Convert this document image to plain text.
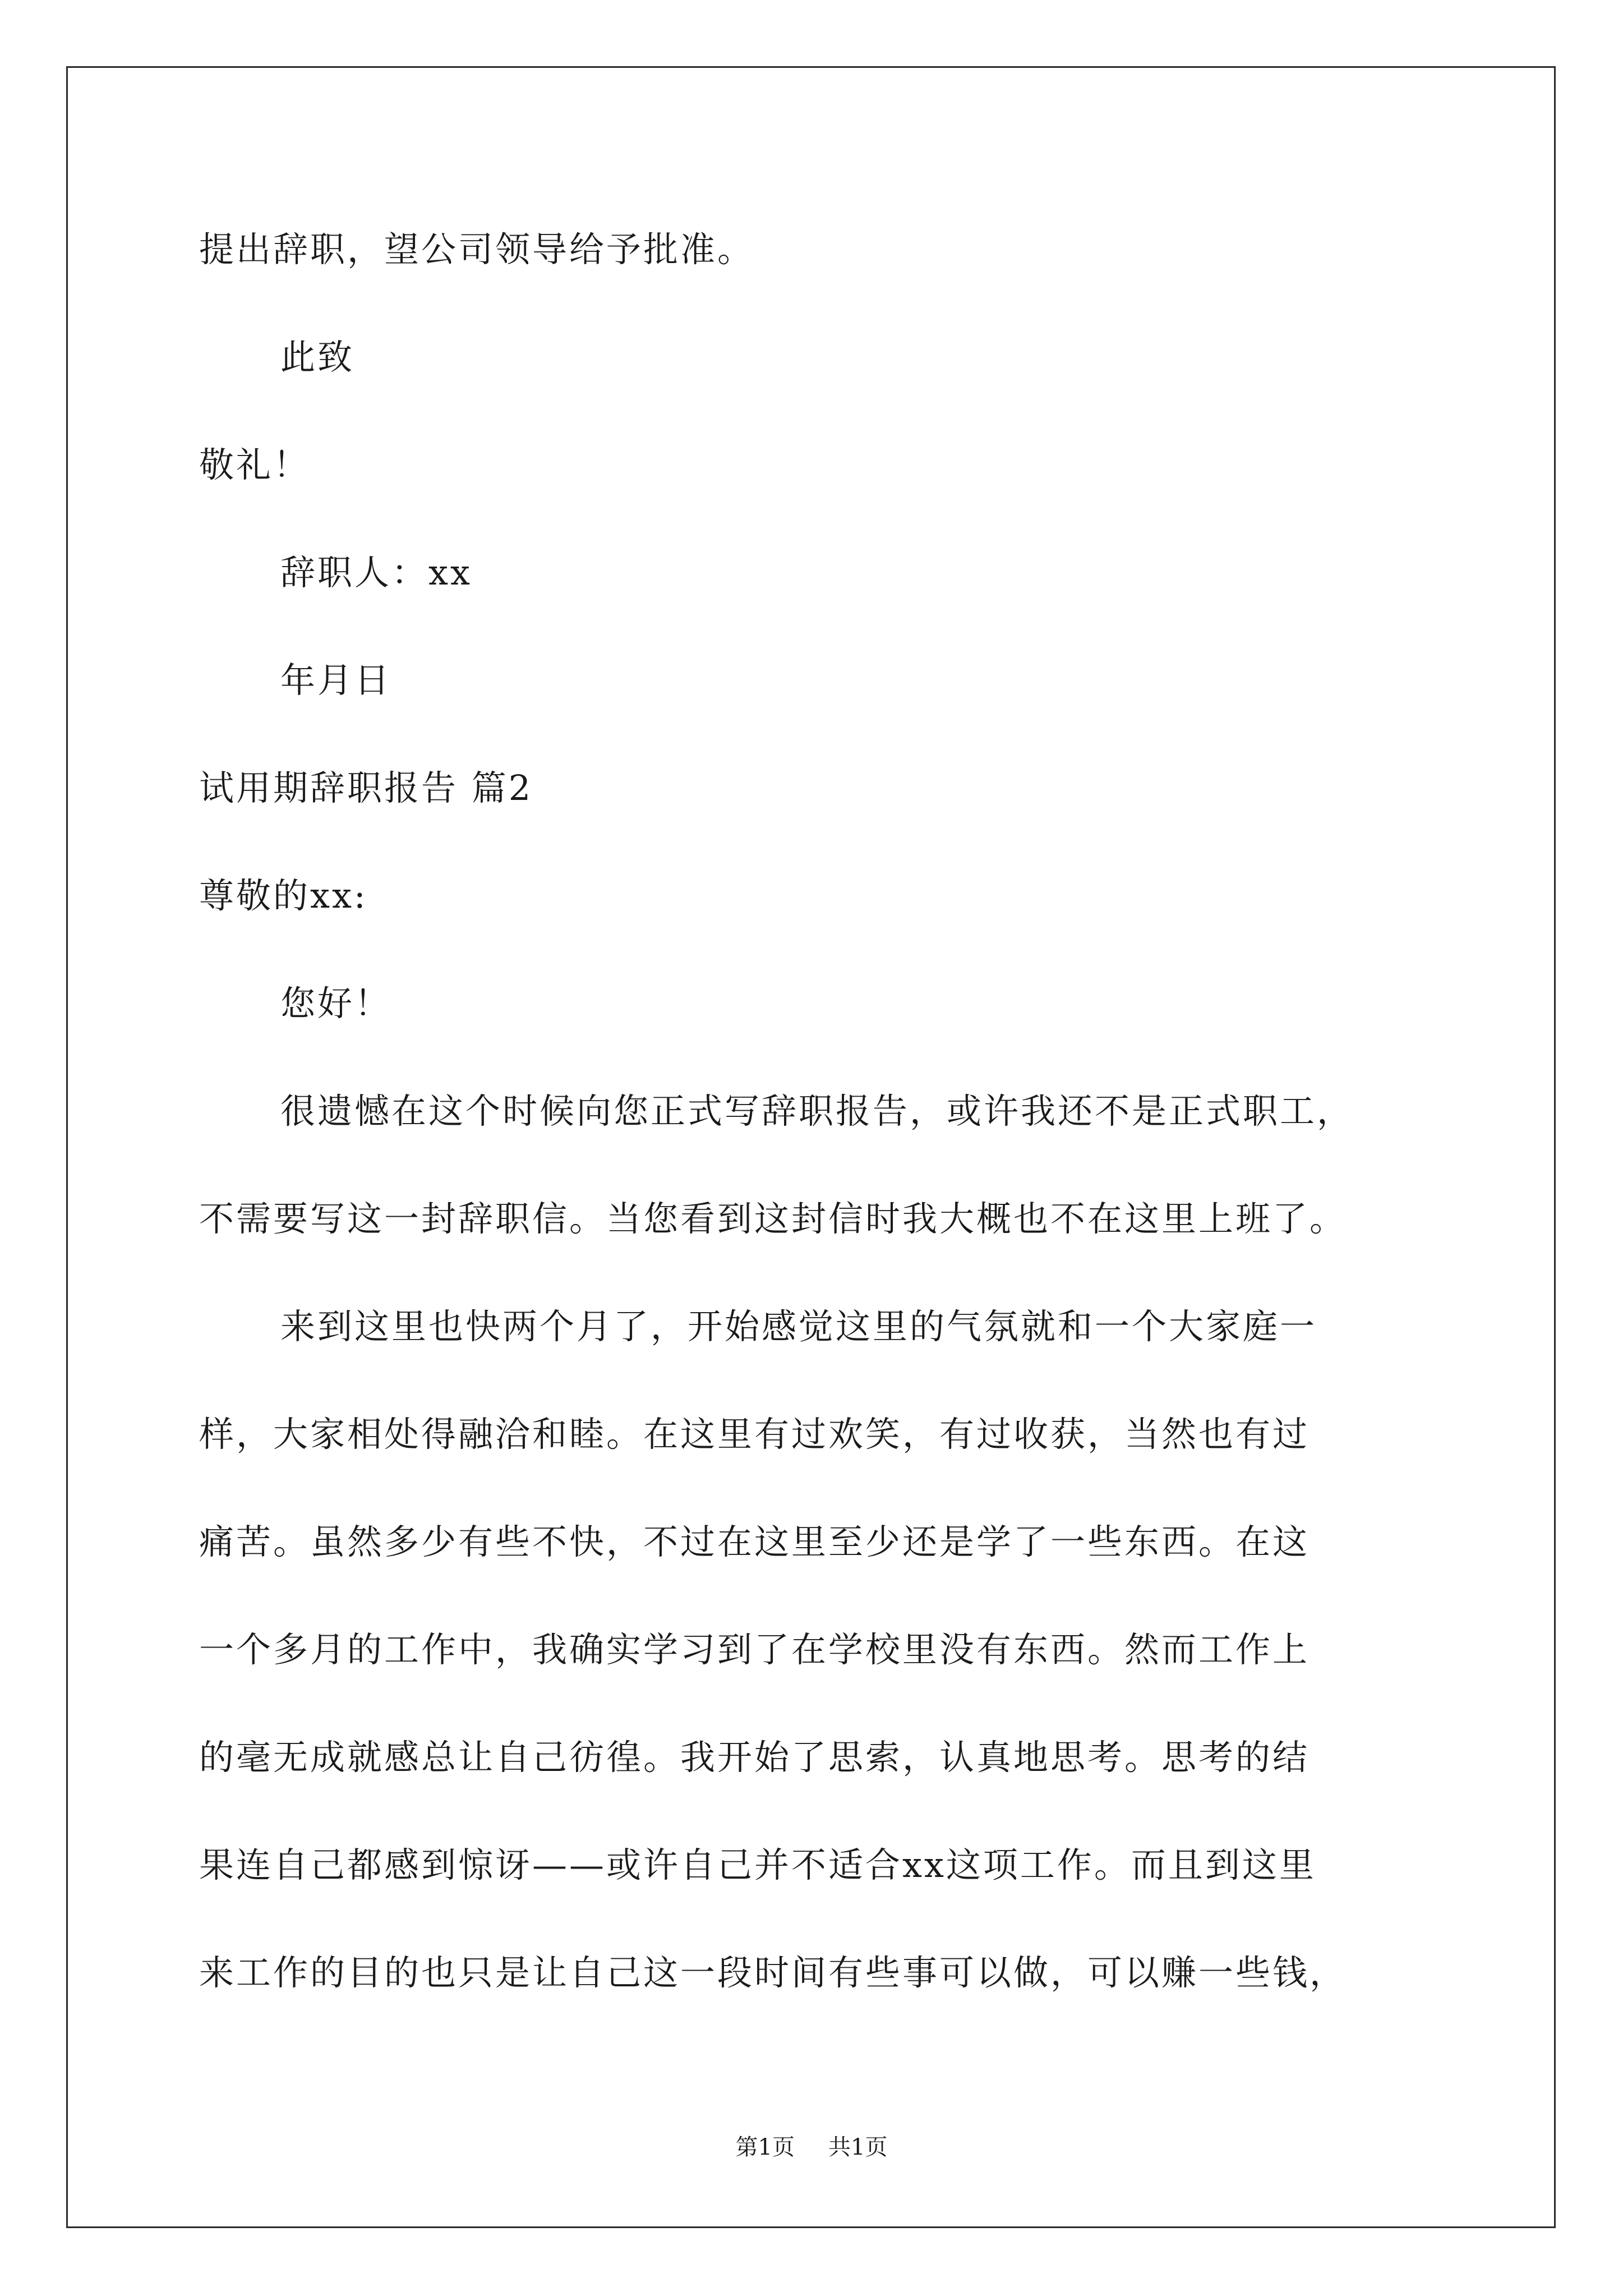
提出辞职，望公司领导给予批准。
此致
敬礼！
辞职人：xx
年月日
试用期辞职报告 篇2
尊敬的xx:
您好！
很遗憾在这个时候向您正式写辞职报告，或许我还不是正式职工，
不需要写这一封辞职信。当您看到这封信时我大概也不在这里上班了。
来到这里也快两个月了，开始感觉这里的气氛就和一个大家庭一
样，大家相处得融洽和睦。在这里有过欢笑，有过收获，当然也有过
痛苦。虽然多少有些不快，不过在这里至少还是学了一些东西。在这
一个多月的工作中，我确实学习到了在学校里没有东西。然而工作上
的毫无成就感总让自己彷徨。我开始了思索，认真地思考。思考的结
果连自己都感到惊讶——或许自己并不适合xx这项工作。而且到这里
来工作的目的也只是让自己这一段时间有些事可以做，可以赚一些钱，
第1页 共1页
